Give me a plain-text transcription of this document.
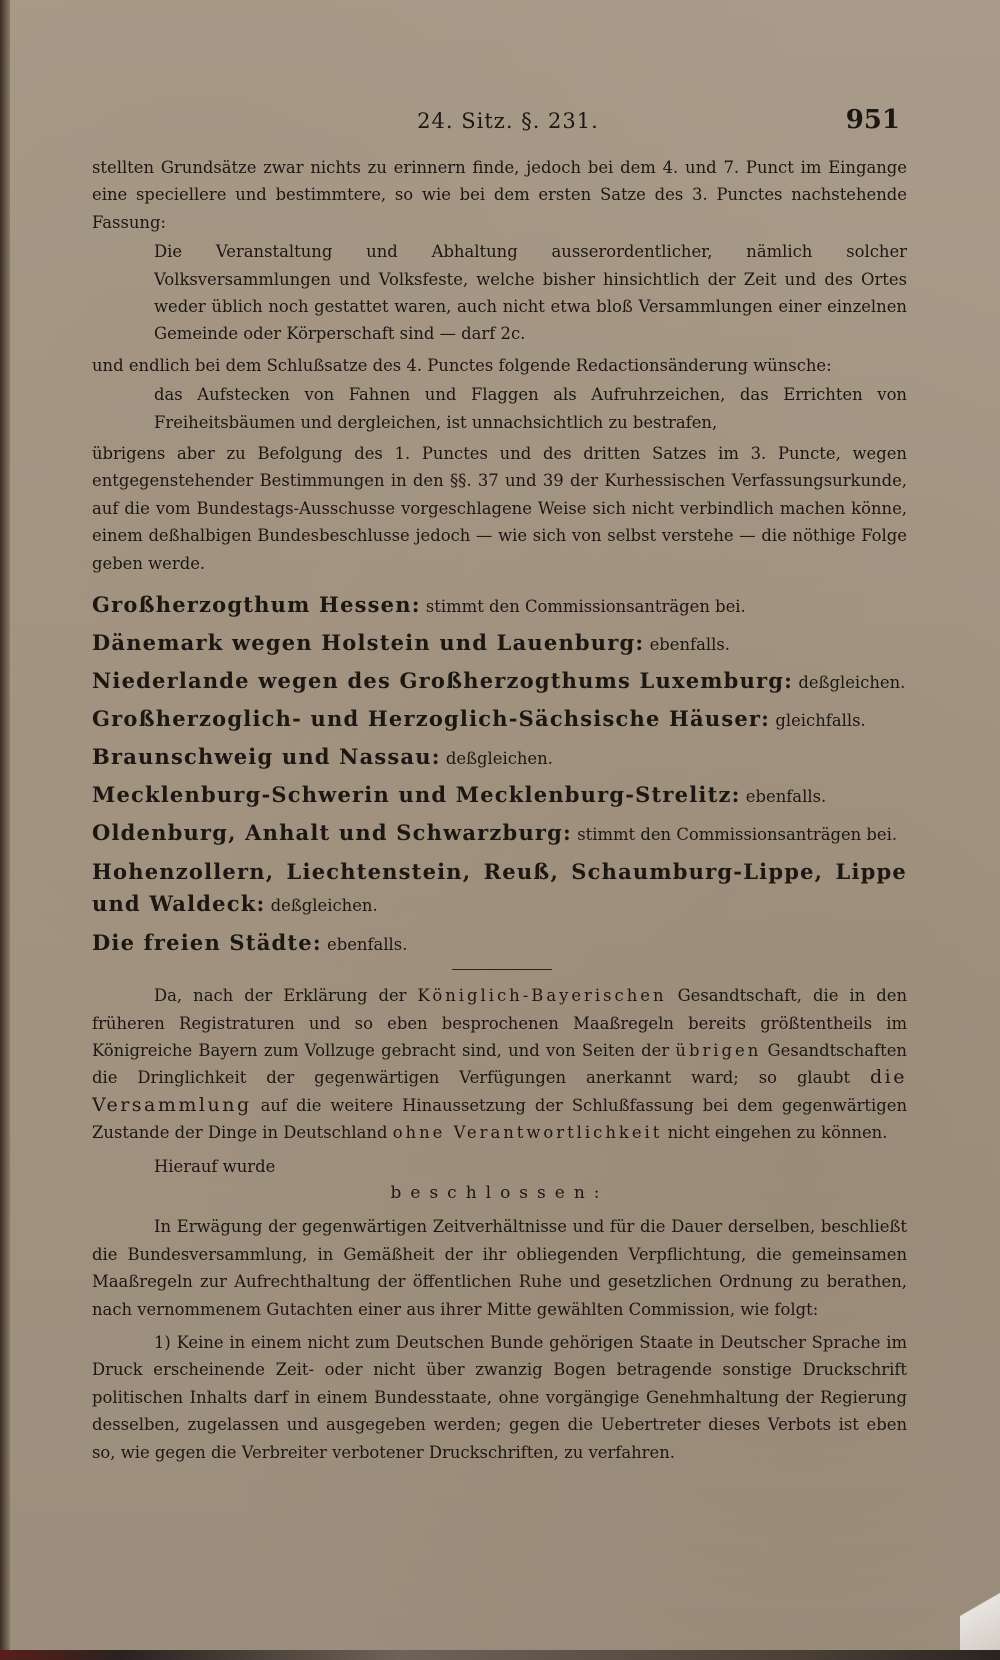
24. Sitz. §. 231.	951

stellten Grundsätze zwar nichts zu erinnern finde, jedoch bei dem 4. und 7. Punct im Eingange eine speciellere und bestimmtere, so wie bei dem ersten Satze des 3. Punctes nachstehende Fassung:

Die Veranstaltung und Abhaltung ausserordentlicher, nämlich solcher Volksversammlungen und Volksfeste, welche bisher hinsichtlich der Zeit und des Ortes weder üblich noch gestattet waren, auch nicht etwa bloß Versammlungen einer einzelnen Gemeinde oder Körperschaft sind — darf 2c.

und endlich bei dem Schlußsatze des 4. Punctes folgende Redactionsänderung wünsche:

das Aufstecken von Fahnen und Flaggen als Aufruhrzeichen, das Errichten von Freiheitsbäumen und dergleichen, ist unnachsichtlich zu bestrafen,

übrigens aber zu Befolgung des 1. Punctes und des dritten Satzes im 3. Puncte, wegen entgegenstehender Bestimmungen in den §§. 37 und 39 der Kurhessischen Verfassungsurkunde, auf die vom Bundestags-Ausschusse vorgeschlagene Weise sich nicht verbindlich machen könne, einem deßhalbigen Bundesbeschlusse jedoch — wie sich von selbst verstehe — die nöthige Folge geben werde.

Großherzogthum Hessen: stimmt den Commissionsanträgen bei.

Dänemark wegen Holstein und Lauenburg: ebenfalls.

Niederlande wegen des Großherzogthums Luxemburg: deßgleichen.

Großherzoglich- und Herzoglich-Sächsische Häuser: gleichfalls.

Braunschweig und Nassau: deßgleichen.

Mecklenburg-Schwerin und Mecklenburg-Strelitz: ebenfalls.

Oldenburg, Anhalt und Schwarzburg: stimmt den Commissionsanträgen bei.

Hohenzollern, Liechtenstein, Reuß, Schaumburg-Lippe, Lippe und Waldeck: deßgleichen.

Die freien Städte: ebenfalls.

Da, nach der Erklärung der Königlich-Bayerischen Gesandtschaft, die in den früheren Registraturen und so eben besprochenen Maaßregeln bereits größtentheils im Königreiche Bayern zum Vollzuge gebracht sind, und von Seiten der übrigen Gesandtschaften die Dringlichkeit der gegenwärtigen Verfügungen anerkannt ward; so glaubt die Versammlung auf die weitere Hinaussetzung der Schlußfassung bei dem gegenwärtigen Zustande der Dinge in Deutschland ohne Verantwortlichkeit nicht eingehen zu können.

Hierauf wurde

beschlossen:

In Erwägung der gegenwärtigen Zeitverhältnisse und für die Dauer derselben, beschließt die Bundesversammlung, in Gemäßheit der ihr obliegenden Verpflichtung, die gemeinsamen Maaßregeln zur Aufrechthaltung der öffentlichen Ruhe und gesetzlichen Ordnung zu berathen, nach vernommenem Gutachten einer aus ihrer Mitte gewählten Commission, wie folgt:

1) Keine in einem nicht zum Deutschen Bunde gehörigen Staate in Deutscher Sprache im Druck erscheinende Zeit- oder nicht über zwanzig Bogen betragende sonstige Druckschrift politischen Inhalts darf in einem Bundesstaate, ohne vorgängige Genehmhaltung der Regierung desselben, zugelassen und ausgegeben werden; gegen die Uebertreter dieses Verbots ist eben so, wie gegen die Verbreiter verbotener Druckschriften, zu verfahren.
